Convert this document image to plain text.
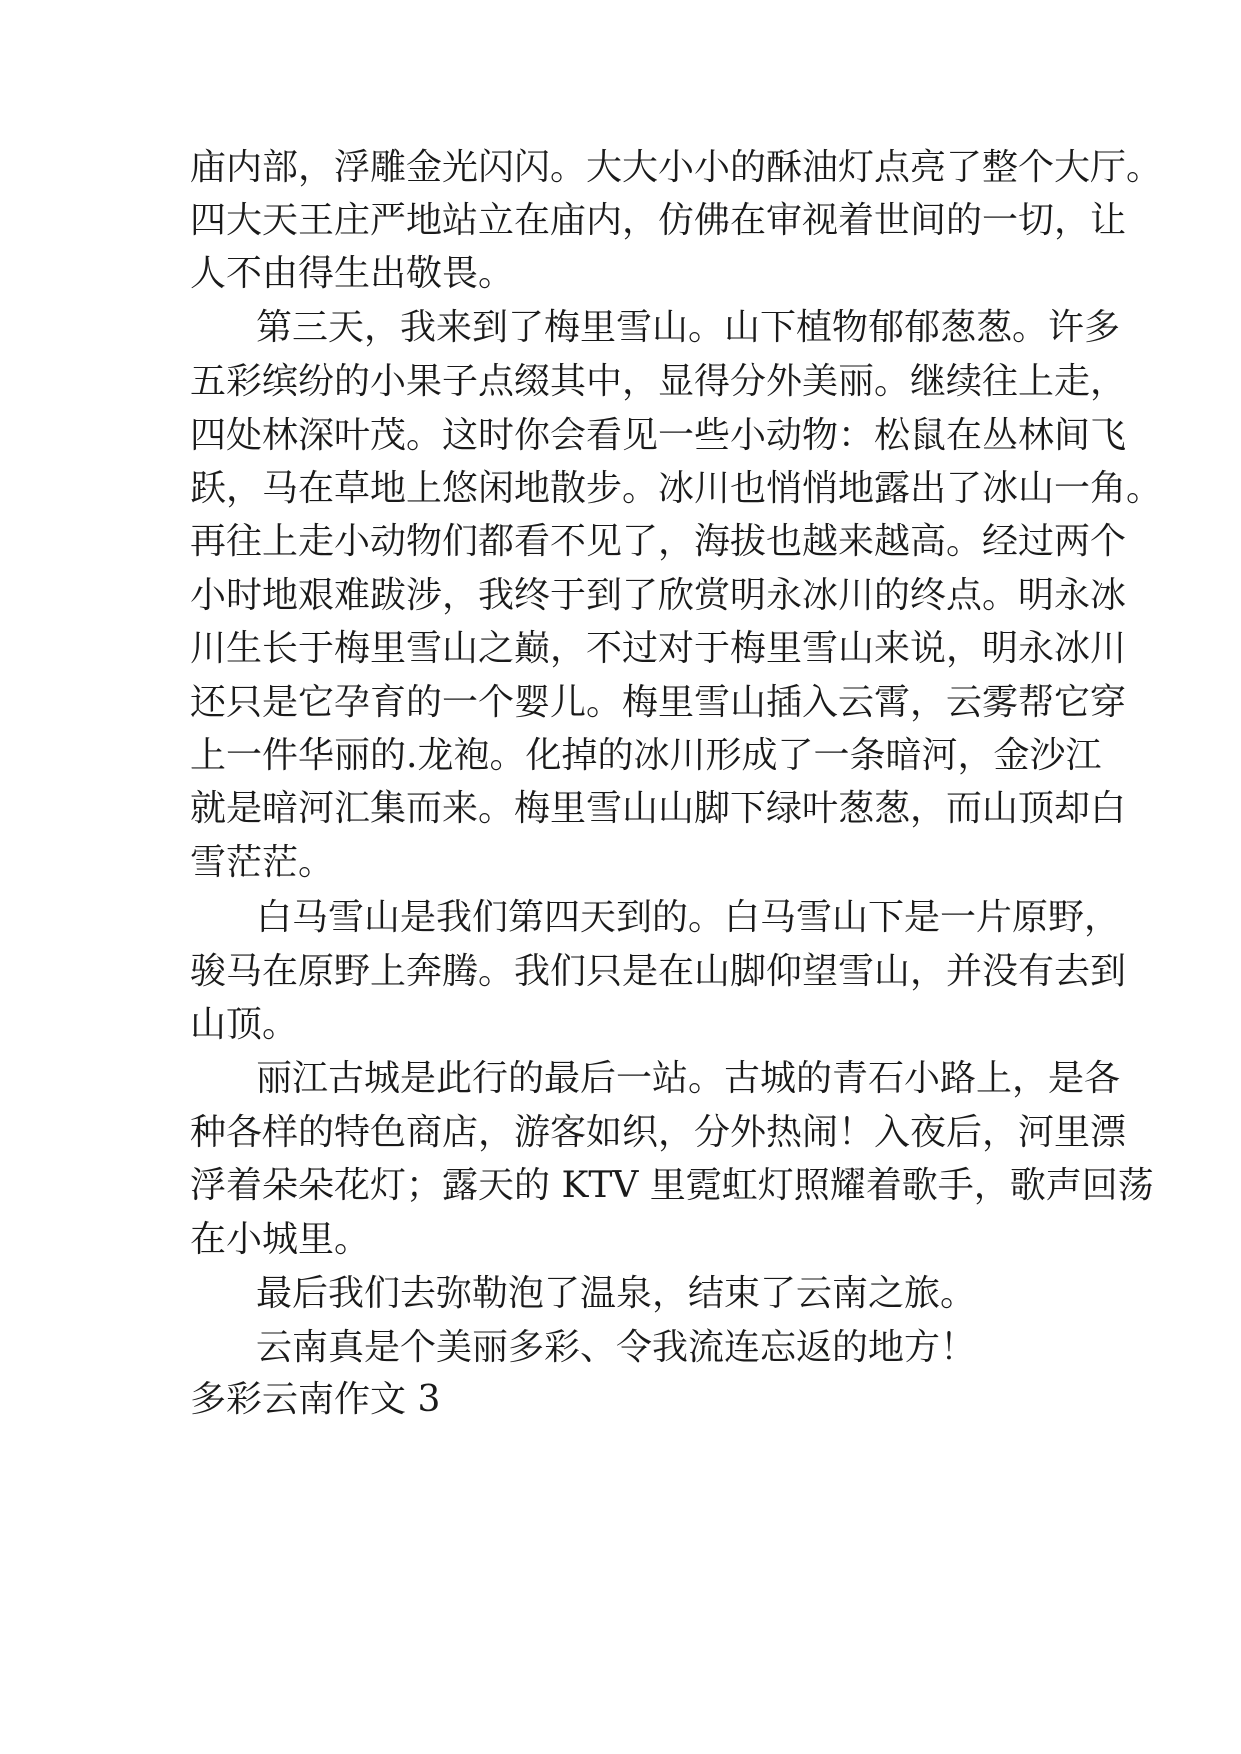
庙内部，浮雕金光闪闪。大大小小的酥油灯点亮了整个大厅。
四大天王庄严地站立在庙内，仿佛在审视着世间的一切，让
人不由得生出敬畏。
第三天，我来到了梅里雪山。山下植物郁郁葱葱。许多
五彩缤纷的小果子点缀其中，显得分外美丽。继续往上走，
四处林深叶茂。这时你会看见一些小动物：松鼠在丛林间飞
跃，马在草地上悠闲地散步。冰川也悄悄地露出了冰山一角。
再往上走小动物们都看不见了，海拔也越来越高。经过两个
小时地艰难跋涉，我终于到了欣赏明永冰川的终点。明永冰
川生长于梅里雪山之巅，不过对于梅里雪山来说，明永冰川
还只是它孕育的一个婴儿。梅里雪山插入云霄，云雾帮它穿
上一件华丽的.龙袍。化掉的冰川形成了一条暗河，金沙江
就是暗河汇集而来。梅里雪山山脚下绿叶葱葱，而山顶却白
雪茫茫。
白马雪山是我们第四天到的。白马雪山下是一片原野，
骏马在原野上奔腾。我们只是在山脚仰望雪山，并没有去到
山顶。
丽江古城是此行的最后一站。古城的青石小路上，是各
种各样的特色商店，游客如织，分外热闹！入夜后，河里漂
浮着朵朵花灯；露天的 KTV 里霓虹灯照耀着歌手，歌声回荡
在小城里。
最后我们去弥勒泡了温泉，结束了云南之旅。
云南真是个美丽多彩、令我流连忘返的地方！
多彩云南作文 3
